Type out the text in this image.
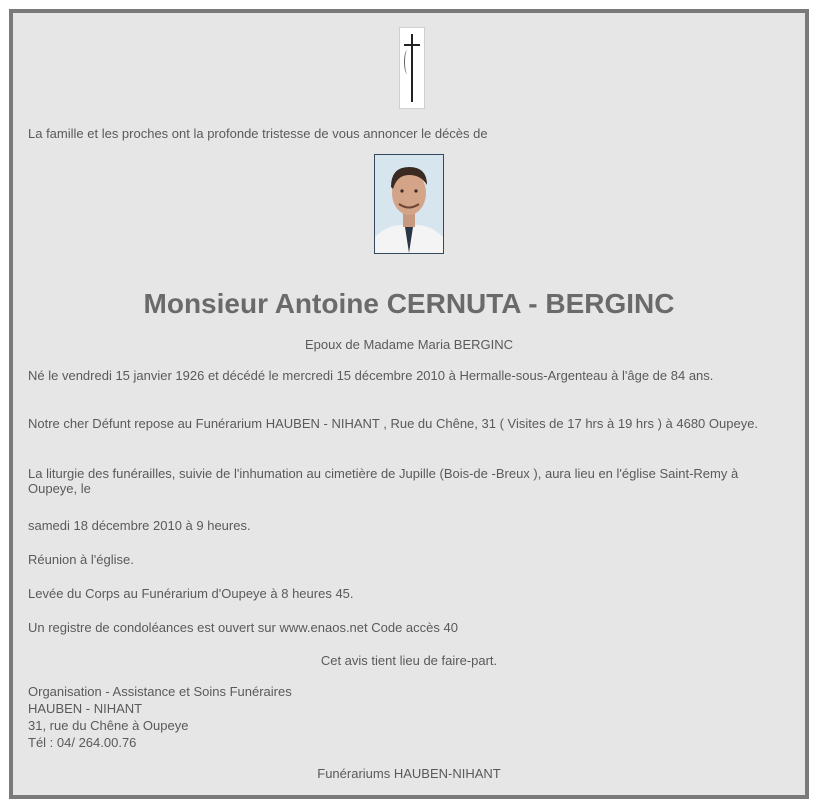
La famille et les proches ont la profonde tristesse de vous annoncer le décès de
Monsieur Antoine CERNUTA - BERGINC
Epoux de Madame Maria BERGINC
Né le vendredi 15 janvier 1926 et décédé le mercredi 15 décembre 2010 à Hermalle-sous-Argenteau à l'âge de 84 ans.
Notre cher Défunt repose au Funérarium HAUBEN - NIHANT , Rue du Chêne, 31 ( Visites de 17 hrs à 19 hrs ) à 4680 Oupeye.
La liturgie des funérailles, suivie de l'inhumation au cimetière de Jupille (Bois-de -Breux ), aura lieu en l'église Saint-Remy à Oupeye, le
samedi 18 décembre 2010 à 9 heures.
Réunion à l'église.
Levée du Corps au Funérarium d'Oupeye à 8 heures 45.
Un registre de condoléances est ouvert sur www.enaos.net Code accès 40
Cet avis tient lieu de faire-part.
Organisation - Assistance et Soins Funéraires
HAUBEN - NIHANT
31, rue du Chêne à Oupeye
Tél : 04/ 264.00.76
Funérariums HAUBEN-NIHANT
